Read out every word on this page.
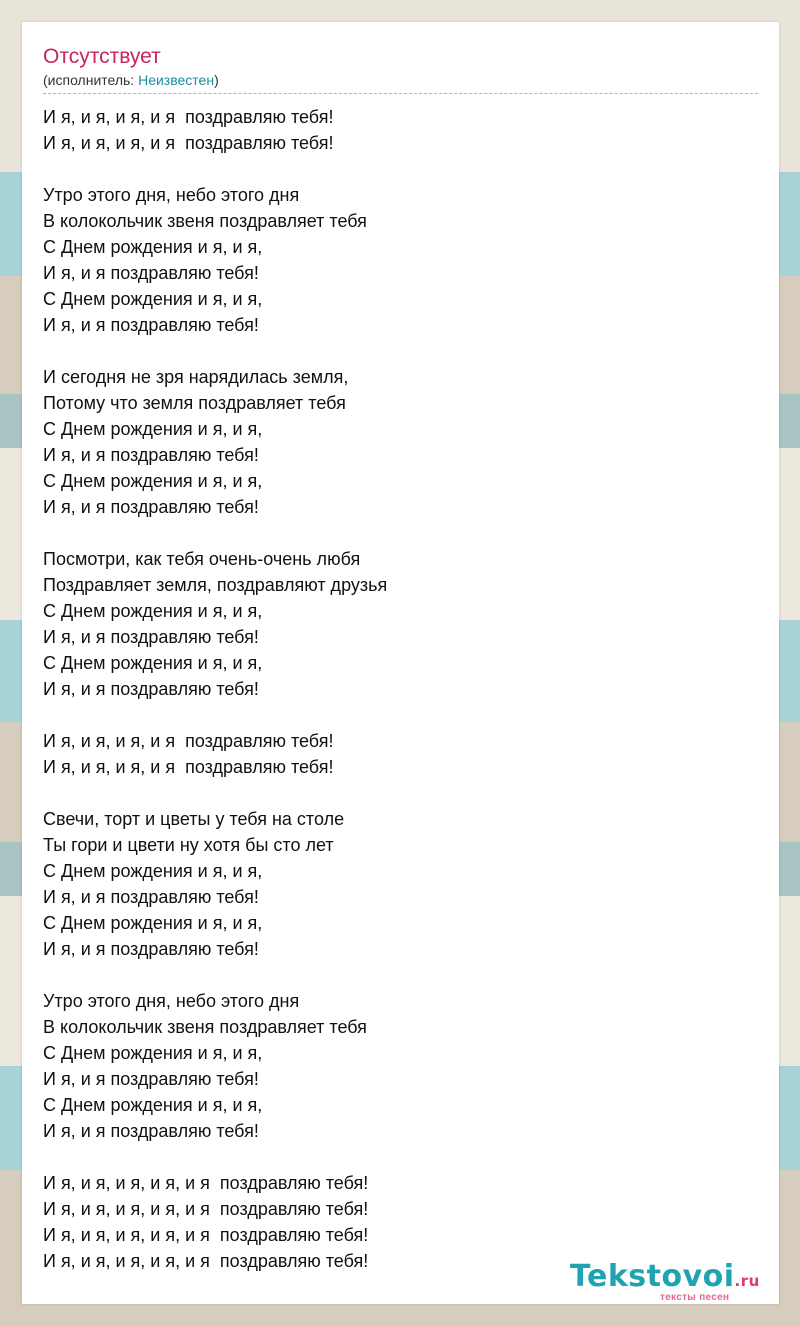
Отсутствует
(исполнитель: Неизвестен)
И я, и я, и я, и я  поздравляю тебя!
И я, и я, и я, и я  поздравляю тебя!
Утро этого дня, небо этого дня
В колокольчик звеня поздравляет тебя
С Днем рождения и я, и я,
И я, и я поздравляю тебя!
С Днем рождения и я, и я,
И я, и я поздравляю тебя!
И сегодня не зря нарядилась земля,
Потому что земля поздравляет тебя
С Днем рождения и я, и я,
И я, и я поздравляю тебя!
С Днем рождения и я, и я,
И я, и я поздравляю тебя!
Посмотри, как тебя очень-очень любя
Поздравляет земля, поздравляют друзья
С Днем рождения и я, и я,
И я, и я поздравляю тебя!
С Днем рождения и я, и я,
И я, и я поздравляю тебя!
И я, и я, и я, и я  поздравляю тебя!
И я, и я, и я, и я  поздравляю тебя!
Свечи, торт и цветы у тебя на столе
Ты гори и цвети ну хотя бы сто лет
С Днем рождения и я, и я,
И я, и я поздравляю тебя!
С Днем рождения и я, и я,
И я, и я поздравляю тебя!
Утро этого дня, небо этого дня
В колокольчик звеня поздравляет тебя
С Днем рождения и я, и я,
И я, и я поздравляю тебя!
С Днем рождения и я, и я,
И я, и я поздравляю тебя!
И я, и я, и я, и я, и я  поздравляю тебя!
И я, и я, и я, и я, и я  поздравляю тебя!
И я, и я, и я, и я, и я  поздравляю тебя!
И я, и я, и я, и я, и я  поздравляю тебя!	Tekstovoi.ru
тексты песен
